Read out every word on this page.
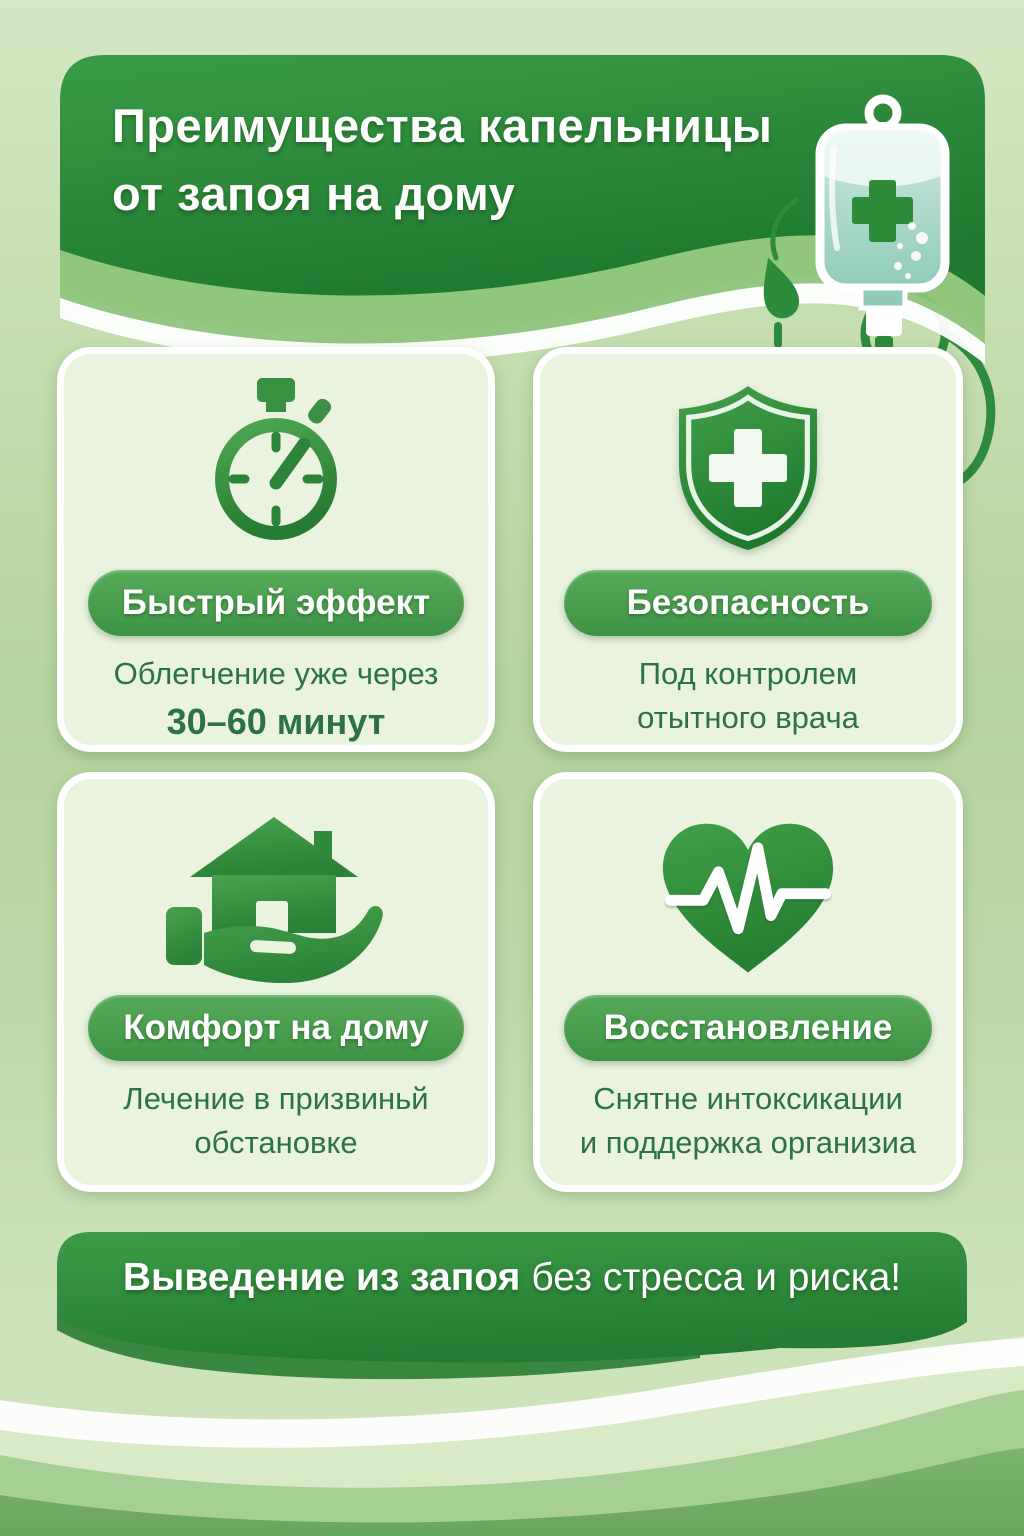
Преимущества капельницы
от запоя на дому
Быстрый эффект
Облегчение уже через
30–60 минут
Безопасность
Под контролем
отытного врача
Комфорт на дому
Лечение в призвиньй
обстановке
Восстановление
Снятне интоксикации
и поддержка организиа
Выведение из запоя без стресса и риска!
